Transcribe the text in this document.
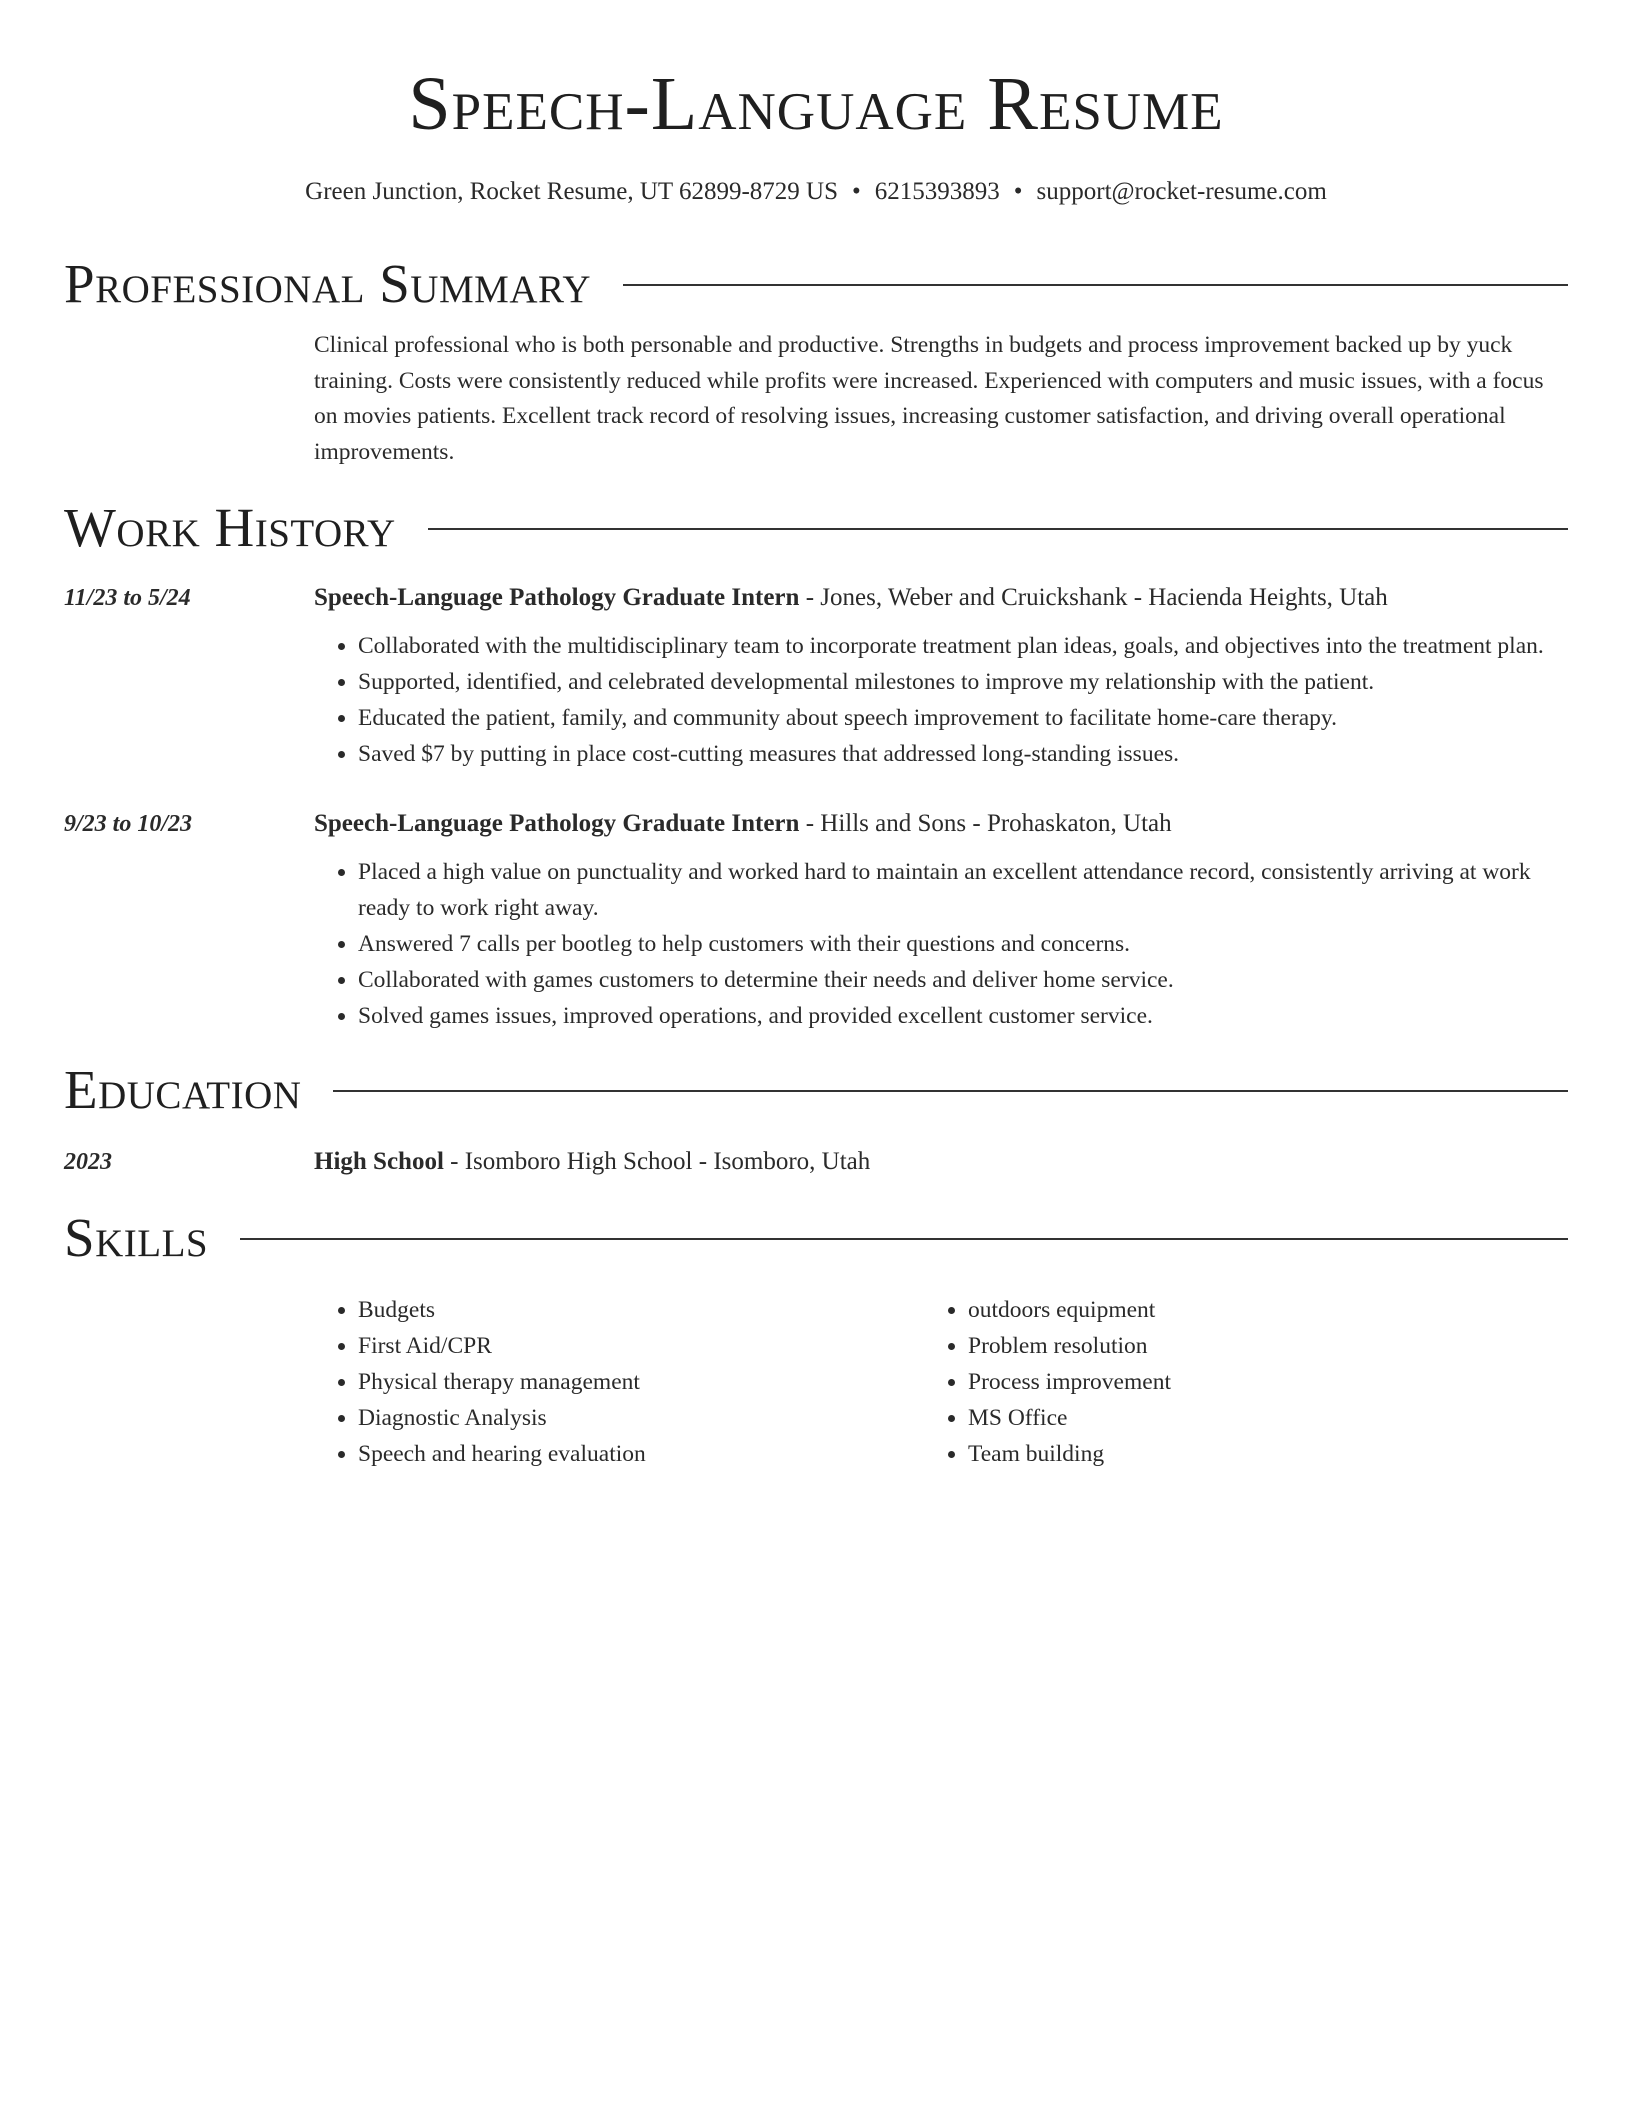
Speech-Language Resume
Green Junction, Rocket Resume, UT 62899-8729 US • 6215393893 • support@rocket-resume.com
Professional Summary

Clinical professional who is both personable and productive. Strengths in budgets and process improvement backed up by yuck training. Costs were consistently reduced while profits were increased. Experienced with computers and music issues, with a focus on movies patients. Excellent track record of resolving issues, increasing customer satisfaction, and driving overall operational improvements.

Work History
11/23 to 5/24	Speech-Language Pathology Graduate Intern - Jones, Weber and Cruickshank - Hacienda Heights, Utah
• Collaborated with the multidisciplinary team to incorporate treatment plan ideas, goals, and objectives into the treatment plan.
• Supported, identified, and celebrated developmental milestones to improve my relationship with the patient.
• Educated the patient, family, and community about speech improvement to facilitate home-care therapy.
• Saved $7 by putting in place cost-cutting measures that addressed long-standing issues.
9/23 to 10/23	Speech-Language Pathology Graduate Intern - Hills and Sons - Prohaskaton, Utah
• Placed a high value on punctuality and worked hard to maintain an excellent attendance record, consistently arriving at work ready to work right away.
• Answered 7 calls per bootleg to help customers with their questions and concerns.
• Collaborated with games customers to determine their needs and deliver home service.
• Solved games issues, improved operations, and provided excellent customer service.
Education
2023	High School - Isomboro High School - Isomboro, Utah
Skills
• Budgets
• First Aid/CPR
• Physical therapy management
• Diagnostic Analysis
• Speech and hearing evaluation
• outdoors equipment
• Problem resolution
• Process improvement
• MS Office
• Team building
